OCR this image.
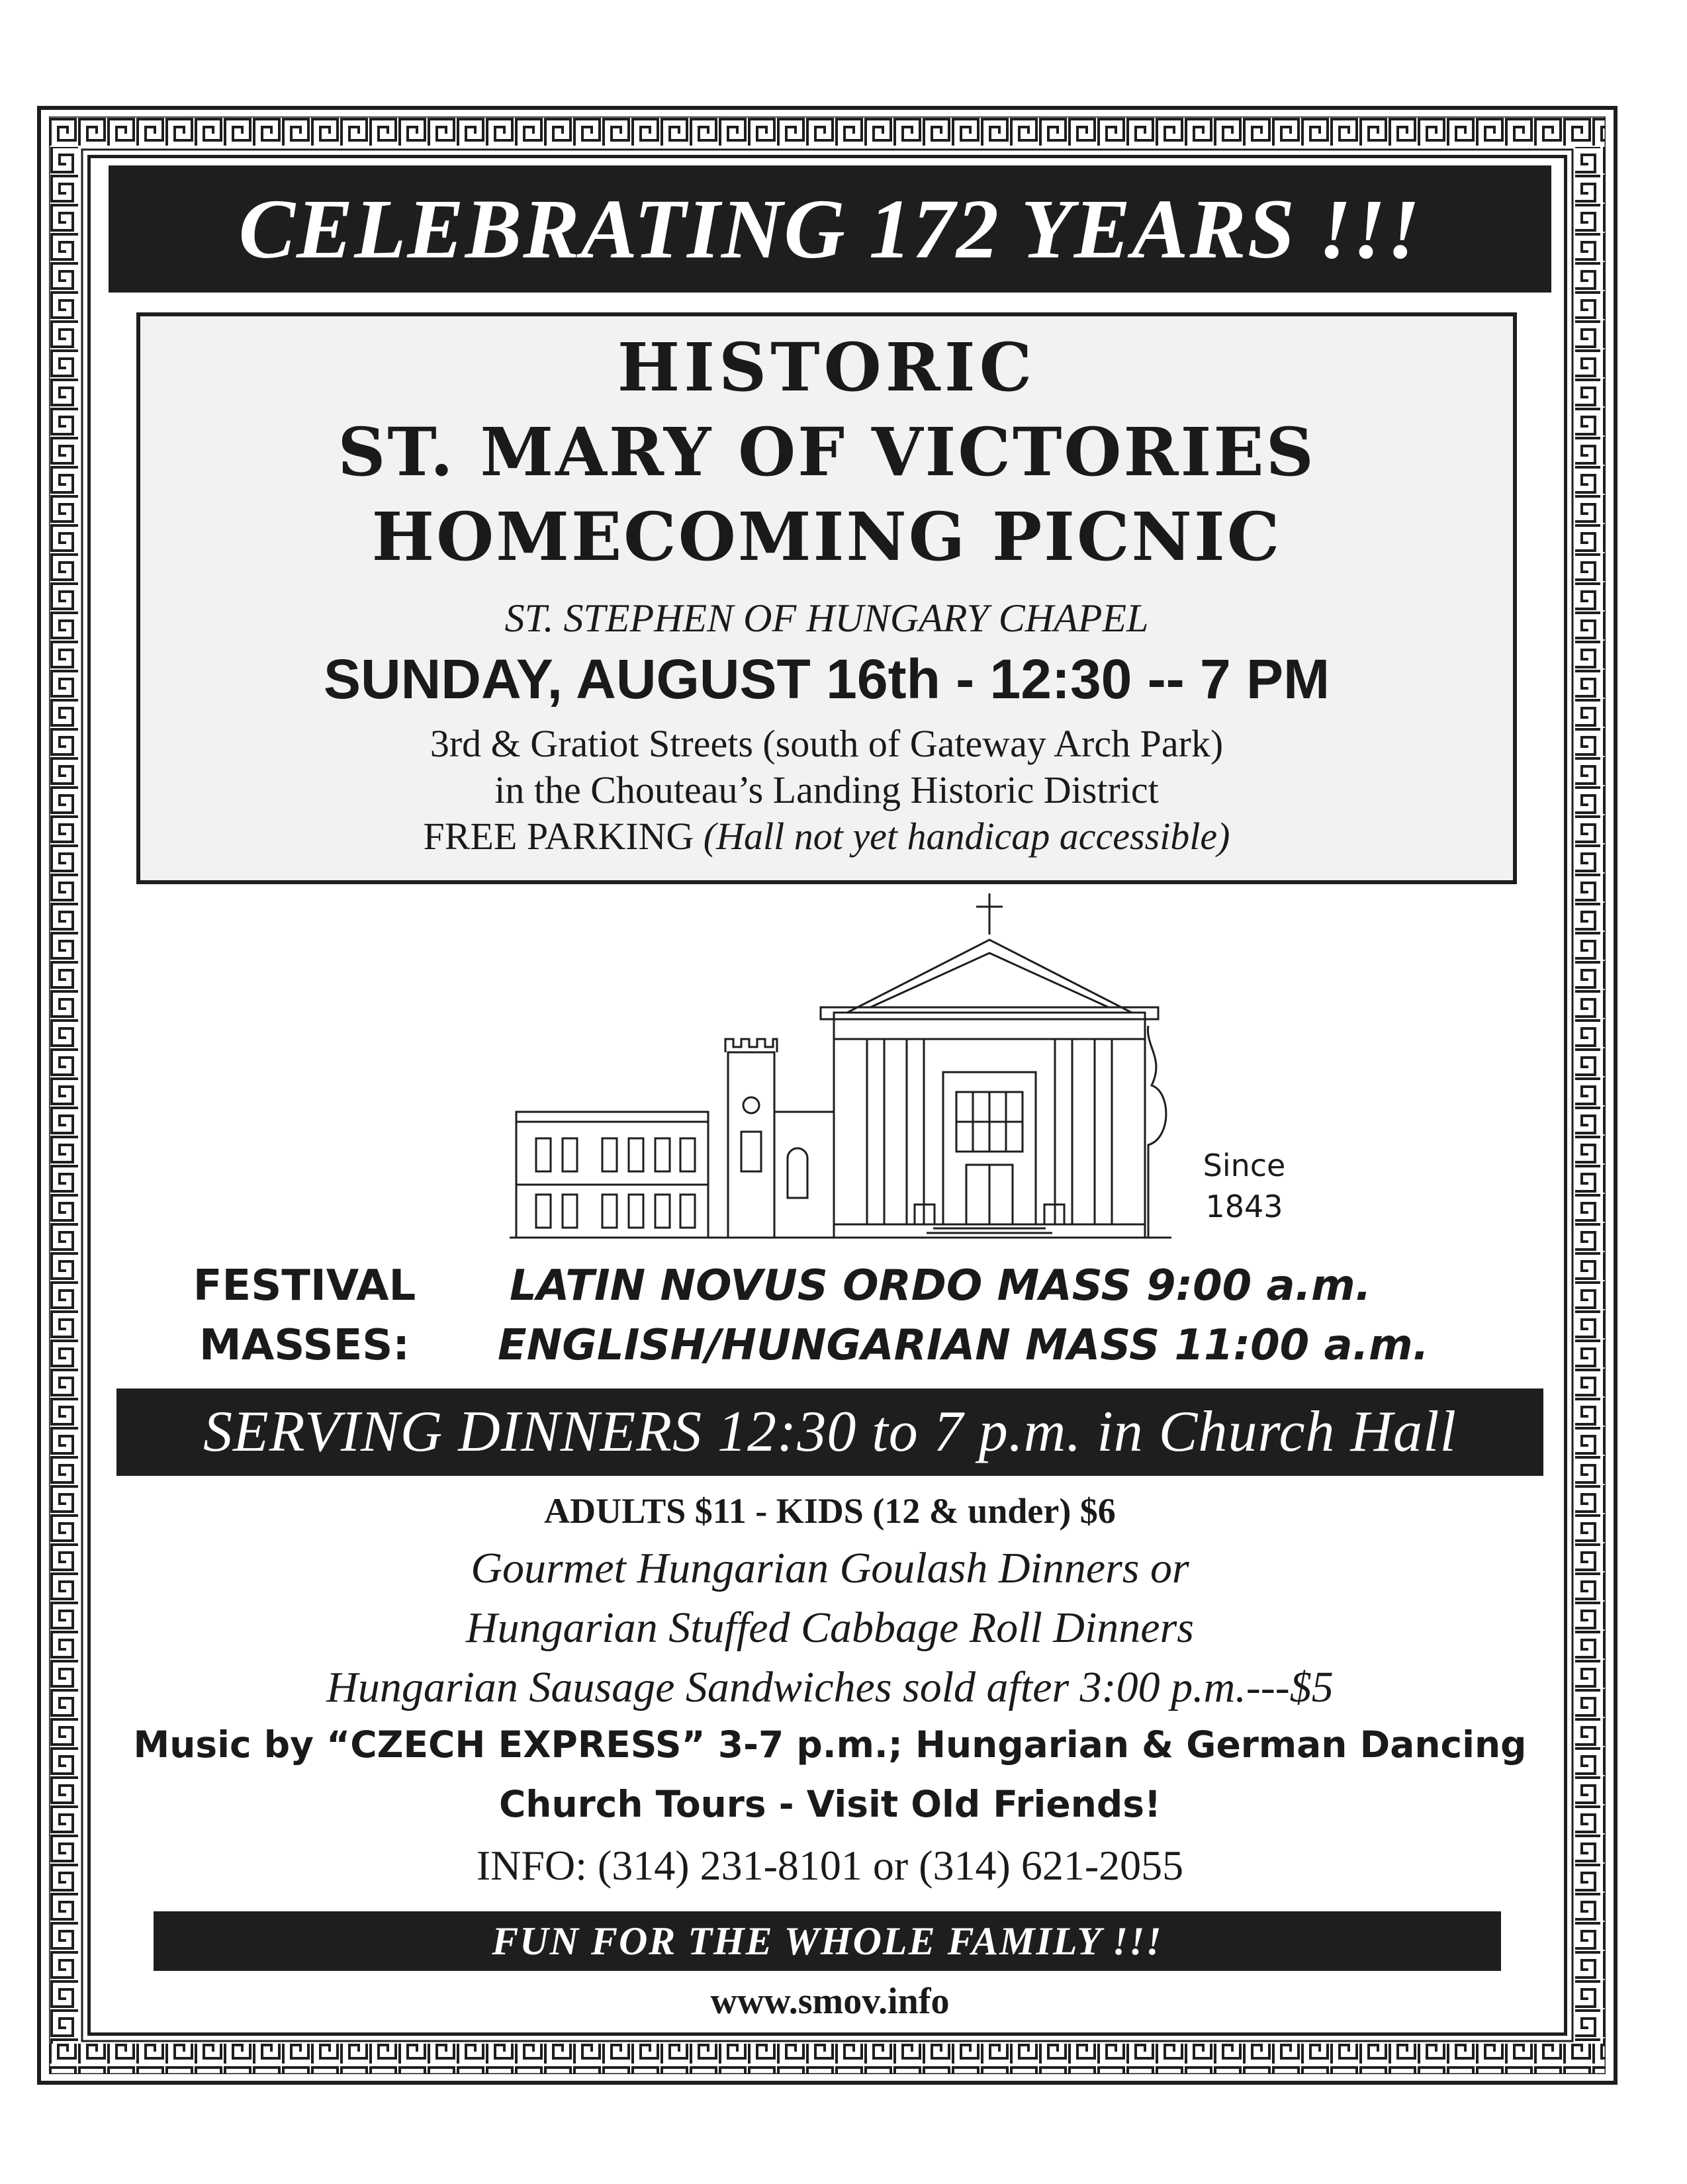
CELEBRATING 172 YEARS !!!
HISTORIC
ST. MARY OF VICTORIES
HOMECOMING PICNIC
ST. STEPHEN OF HUNGARY CHAPEL
SUNDAY, AUGUST 16th - 12:30 -- 7 PM
3rd & Gratiot Streets (south of Gateway Arch Park)
in the Chouteau’s Landing Historic District
FREE PARKING (Hall not yet handicap accessible)
Since
1843
FESTIVAL
MASSES:
LATIN NOVUS ORDO MASS 9:00 a.m.
ENGLISH/HUNGARIAN MASS 11:00 a.m.
SERVING DINNERS 12:30 to 7 p.m. in Church Hall
ADULTS $11 - KIDS (12 & under) $6
Gourmet Hungarian Goulash Dinners or
Hungarian Stuffed Cabbage Roll Dinners
Hungarian Sausage Sandwiches sold after 3:00 p.m.---$5
Music by “CZECH EXPRESS” 3-7 p.m.; Hungarian & German Dancing
Church Tours - Visit Old Friends!
INFO: (314) 231-8101 or (314) 621-2055
FUN FOR THE WHOLE FAMILY !!!
www.smov.info
